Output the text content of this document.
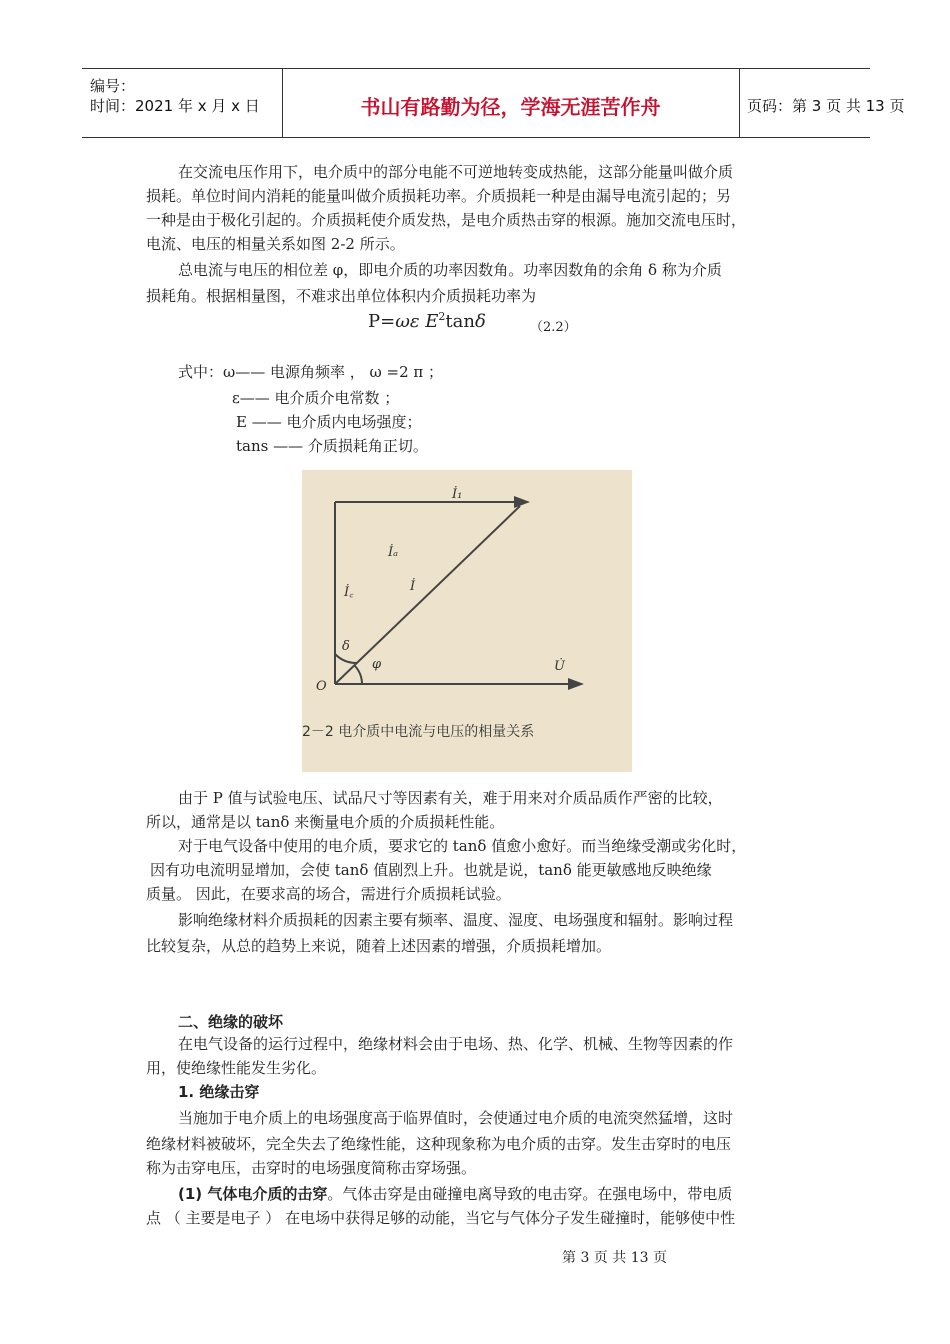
编号：
时间：2021 年 x 月 x 日	书山有路勤为径，学海无涯苦作舟	页码：第 3 页 共 13 页
在交流电压作用下，电介质中的部分电能不可逆地转变成热能，这部分能量叫做介质
损耗。单位时间内消耗的能量叫做介质损耗功率。介质损耗一种是由漏导电流引起的；另
一种是由于极化引起的。介质损耗使介质发热，是电介质热击穿的根源。施加交流电压时，
电流、电压的相量关系如图 2-2 所示。
总电流与电压的相位差 φ，即电介质的功率因数角。功率因数角的余角 δ 称为介质
损耗角。根据相量图，不难求出单位体积内介质损耗功率为
P=ωε $E^2\tan\delta$	（2.2）
式中：ω—— 电源角频率 ， ω =2 π ；
ε—— 电介质介电常数 ；
E —— 电介质内电场强度；
tans —— 介质损耗角正切。
İ₁
İₐ
İ
İ꜀
δ
φ	U̇
O
2－2 电介质中电流与电压的相量关系
由于 P 值与试验电压、试品尺寸等因素有关，难于用来对介质品质作严密的比较，
所以，通常是以 tanδ 来衡量电介质的介质损耗性能。
对于电气设备中使用的电介质，要求它的 tanδ 值愈小愈好。而当绝缘受潮或劣化时，
因有功电流明显增加，会使 tanδ 值剧烈上升。也就是说，tanδ 能更敏感地反映绝缘
质量。 因此，在要求高的场合，需进行介质损耗试验。
影响绝缘材料介质损耗的因素主要有频率、温度、湿度、电场强度和辐射。影响过程
比较复杂，从总的趋势上来说，随着上述因素的增强，介质损耗增加。
二、绝缘的破坏
在电气设备的运行过程中，绝缘材料会由于电场、热、化学、机械、生物等因素的作
用，使绝缘性能发生劣化。
1. 绝缘击穿
当施加于电介质上的电场强度高于临界值时，会使通过电介质的电流突然猛增，这时
绝缘材料被破坏，完全失去了绝缘性能，这种现象称为电介质的击穿。发生击穿时的电压
称为击穿电压，击穿时的电场强度简称击穿场强。
(1) 气体电介质的击穿。气体击穿是由碰撞电离导致的电击穿。在强电场中，带电质
点 （ 主要是电子 ） 在电场中获得足够的动能，当它与气体分子发生碰撞时，能够使中性
第 3 页 共 13 页
